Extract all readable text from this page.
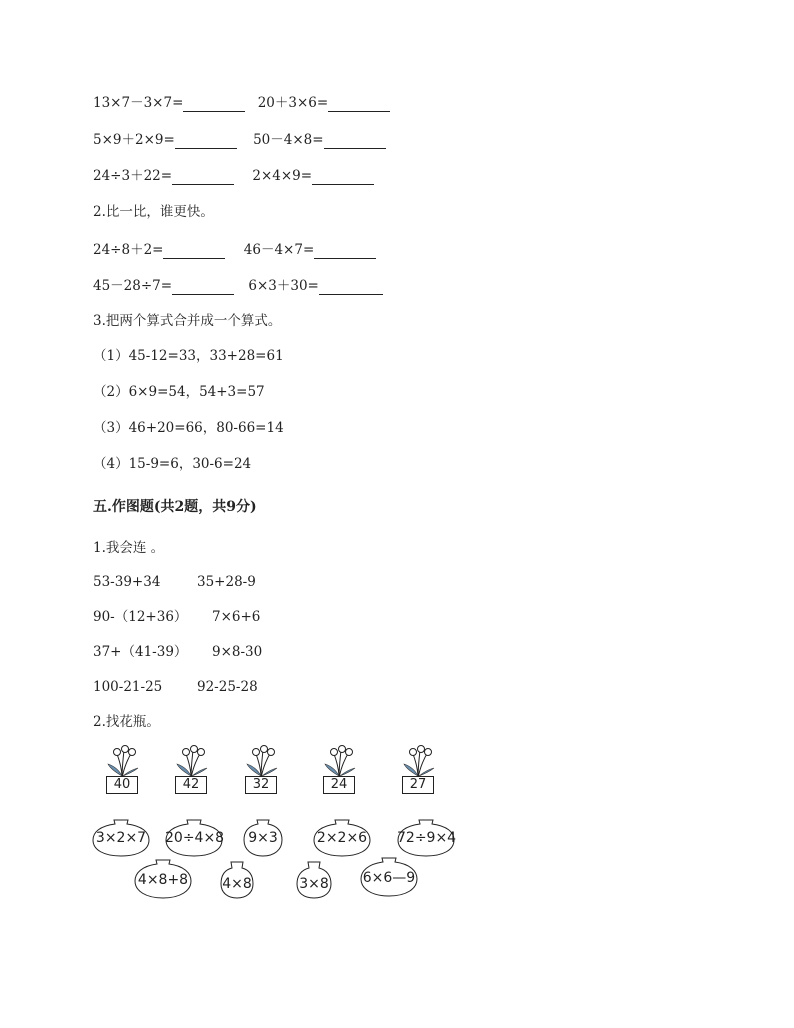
13×7－3×7=	20＋3×6=
5×9＋2×9=	50－4×8=
24÷3＋22=	2×4×9=
2.比一比，谁更快。
24÷8＋2=	46－4×7=
45－28÷7=	6×3＋30=
3.把两个算式合并成一个算式。
（1）45-12=33，33+28=61
（2）6×9=54，54+3=57
（3）46+20=66，80-66=14
（4）15-9=6，30-6=24
五.作图题(共2题，共9分)
1.我会连 。
53-39+34	35+28-9
90-（12+36） 7×6+6
37+（41-39） 9×8-30
100-21-25	92-25-28
2.找花瓶。
40	42	32	24	27
3×2×7 20÷4×8	9×3	2×2×6 72÷9×4
4×8+8 4×8	3×8 6×6—9
